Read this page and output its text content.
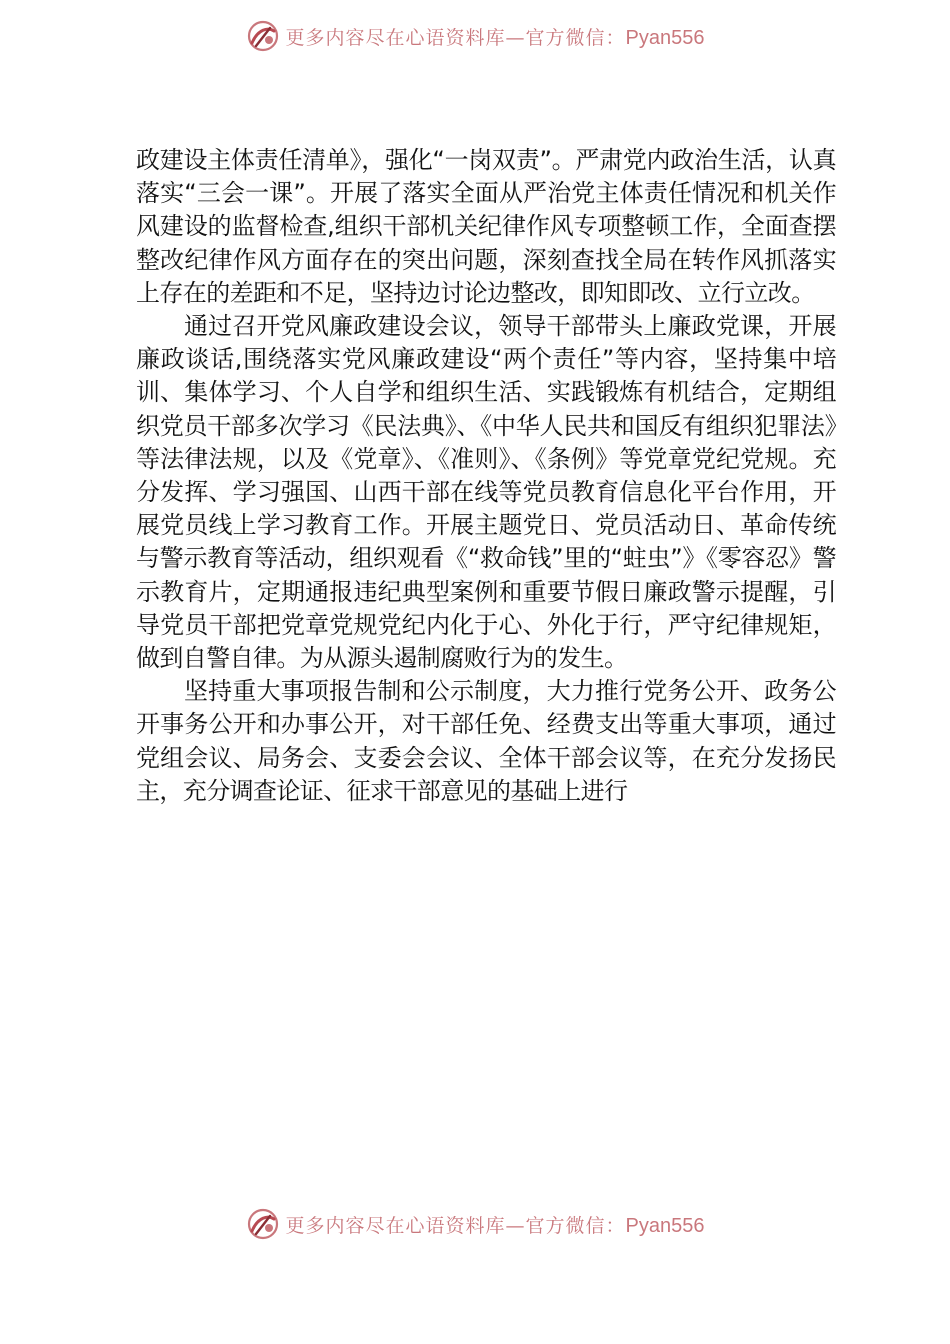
更多内容尽在心语资料库—官方微信：Pyan556

政建设主体责任清单》，强化“一岗双责”。严肃党内政治生活，认真落实“三会一课”。开展了落实全面从严治党主体责任情况和机关作风建设的监督检查,组织干部机关纪律作风专项整顿工作，全面查摆整改纪律作风方面存在的突出问题，深刻查找全局在转作风抓落实上存在的差距和不足，坚持边讨论边整改，即知即改、立行立改。

通过召开党风廉政建设会议，领导干部带头上廉政党课，开展廉政谈话,围绕落实党风廉政建设“两个责任”等内容，坚持集中培训、集体学习、个人自学和组织生活、实践锻炼有机结合，定期组织党员干部多次学习《民法典》、《中华人民共和国反有组织犯罪法》等法律法规，以及《党章》、《准则》、《条例》等党章党纪党规。充分发挥、学习强国、山西干部在线等党员教育信息化平台作用，开展党员线上学习教育工作。开展主题党日、党员活动日、革命传统与警示教育等活动，组织观看《“救命钱”里的“蛀虫”》《零容忍》警示教育片，定期通报违纪典型案例和重要节假日廉政警示提醒，引导党员干部把党章党规党纪内化于心、外化于行，严守纪律规矩，做到自警自律。为从源头遏制腐败行为的发生。

坚持重大事项报告制和公示制度，大力推行党务公开、政务公开事务公开和办事公开，对干部任免、经费支出等重大事项，通过党组会议、局务会、支委会会议、全体干部会议等，在充分发扬民主，充分调查论证、征求干部意见的基础上进行

更多内容尽在心语资料库—官方微信：Pyan556
